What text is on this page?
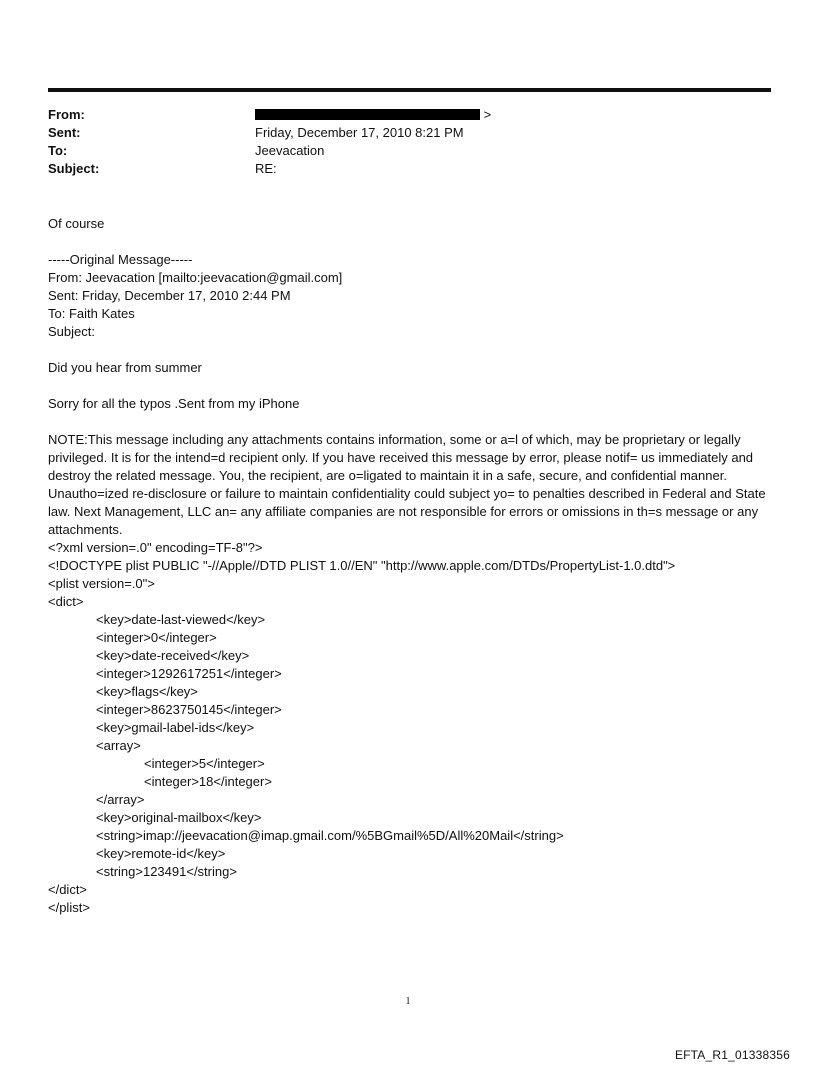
From:	>
Sent:	Friday, December 17, 2010 8:21 PM
To:	Jeevacation
Subject:	RE:
Of course
-----Original Message-----
From: Jeevacation [mailto:jeevacation@gmail.com]
Sent: Friday, December 17, 2010 2:44 PM
To: Faith Kates
Subject:
Did you hear from summer
Sorry for all the typos .Sent from my iPhone
NOTE:This message including any attachments contains information, some or a=l of which, may be proprietary or legally privileged. It is for the intend=d recipient only. If you have received this message by error, please notif= us immediately and destroy the related message. You, the recipient, are o=ligated to maintain it in a safe, secure, and confidential manner. Unautho=ized re-disclosure or failure to maintain confidentiality could subject yo= to penalties described in Federal and State law. Next Management, LLC an= any affiliate companies are not responsible for errors or omissions in th=s message or any attachments.
<?xml version=.0" encoding=TF-8"?>
<!DOCTYPE plist PUBLIC "-//Apple//DTD PLIST 1.0//EN" "http://www.apple.com/DTDs/PropertyList-1.0.dtd">
<plist version=.0">
<dict>
<key>date-last-viewed</key>
<integer>0</integer>
<key>date-received</key>
<integer>1292617251</integer>
<key>flags</key>
<integer>8623750145</integer>
<key>gmail-label-ids</key>
<array>
<integer>5</integer>
<integer>18</integer>
</array>
<key>original-mailbox</key>
<string>imap://jeevacation@imap.gmail.com/%5BGmail%5D/All%20Mail</string>
<key>remote-id</key>
<string>123491</string>
</dict>
</plist>
1
EFTA_R1_01338356
